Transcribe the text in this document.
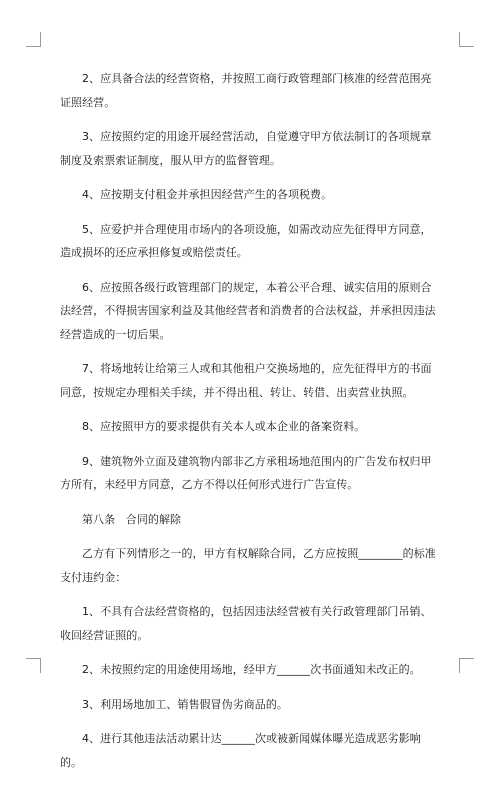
2、应具备合法的经营资格，并按照工商行政管理部门核准的经营范围亮证照经营。

3、应按照约定的用途开展经营活动，自觉遵守甲方依法制订的各项规章制度及索票索证制度，服从甲方的监督管理。

4、应按期支付租金并承担因经营产生的各项税费。

5、应爱护并合理使用市场内的各项设施，如需改动应先征得甲方同意，造成损坏的还应承担修复或赔偿责任。

6、应按照各级行政管理部门的规定，本着公平合理、诚实信用的原则合法经营，不得损害国家利益及其他经营者和消费者的合法权益，并承担因违法经营造成的一切后果。

7、将场地转让给第三人或和其他租户交换场地的，应先征得甲方的书面同意，按规定办理相关手续，并不得出租、转让、转借、出卖营业执照。

8、应按照甲方的要求提供有关本人或本企业的备案资料。

9、建筑物外立面及建筑物内部非乙方承租场地范围内的广告发布权归甲方所有，未经甲方同意，乙方不得以任何形式进行广告宣传。

第八条   合同的解除

乙方有下列情形之一的，甲方有权解除合同，乙方应按照________的标准支付违约金：

1、不具有合法经营资格的，包括因违法经营被有关行政管理部门吊销、收回经营证照的。

2、未按照约定的用途使用场地，经甲方______次书面通知未改正的。

3、利用场地加工、销售假冒伪劣商品的。

4、进行其他违法活动累计达______次或被新闻媒体曝光造成恶劣影响的。
